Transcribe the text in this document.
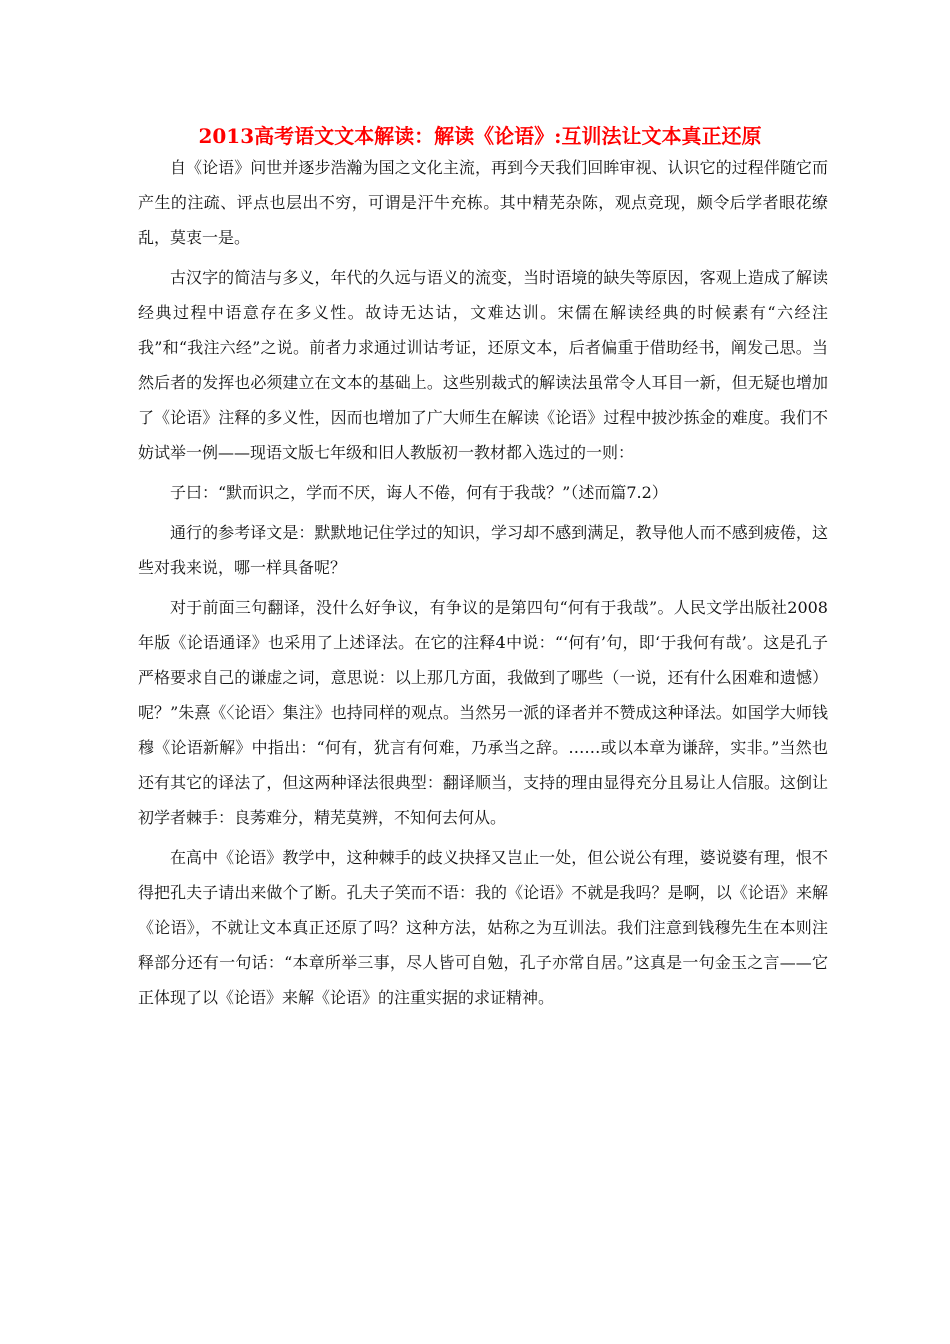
2013高考语文文本解读：解读《论语》:互训法让文本真正还原

自《论语》问世并逐步浩瀚为国之文化主流，再到今天我们回眸审视、认识它的过程伴随它而产生的注疏、评点也层出不穷，可谓是汗牛充栋。其中精芜杂陈，观点竞现，颇令后学者眼花缭乱，莫衷一是。

古汉字的简洁与多义，年代的久远与语义的流变，当时语境的缺失等原因，客观上造成了解读经典过程中语意存在多义性。故诗无达诂，文难达训。宋儒在解读经典的时候素有“六经注我”和“我注六经”之说。前者力求通过训诂考证，还原文本，后者偏重于借助经书，阐发己思。当然后者的发挥也必须建立在文本的基础上。这些别裁式的解读法虽常令人耳目一新，但无疑也增加了《论语》注释的多义性，因而也增加了广大师生在解读《论语》过程中披沙拣金的难度。我们不妨试举一例——现语文版七年级和旧人教版初一教材都入选过的一则：

子曰：“默而识之，学而不厌，诲人不倦，何有于我哉？”（述而篇7.2）

通行的参考译文是：默默地记住学过的知识，学习却不感到满足，教导他人而不感到疲倦，这些对我来说，哪一样具备呢？

对于前面三句翻译，没什么好争议，有争议的是第四句“何有于我哉”。人民文学出版社2008年版《论语通译》也采用了上述译法。在它的注释4中说：“‘何有’句，即‘于我何有哉’。这是孔子严格要求自己的谦虚之词，意思说：以上那几方面，我做到了哪些（一说，还有什么困难和遗憾）呢？”朱熹《〈论语〉集注》也持同样的观点。当然另一派的译者并不赞成这种译法。如国学大师钱穆《论语新解》中指出：“何有，犹言有何难，乃承当之辞。……或以本章为谦辞，实非。”当然也还有其它的译法了，但这两种译法很典型：翻译顺当，支持的理由显得充分且易让人信服。这倒让初学者棘手：良莠难分，精芜莫辨，不知何去何从。

在高中《论语》教学中，这种棘手的歧义抉择又岂止一处，但公说公有理，婆说婆有理，恨不得把孔夫子请出来做个了断。孔夫子笑而不语：我的《论语》不就是我吗？是啊，以《论语》来解《论语》，不就让文本真正还原了吗？这种方法，姑称之为互训法。我们注意到钱穆先生在本则注释部分还有一句话：“本章所举三事，尽人皆可自勉，孔子亦常自居。”这真是一句金玉之言——它正体现了以《论语》来解《论语》的注重实据的求证精神。
